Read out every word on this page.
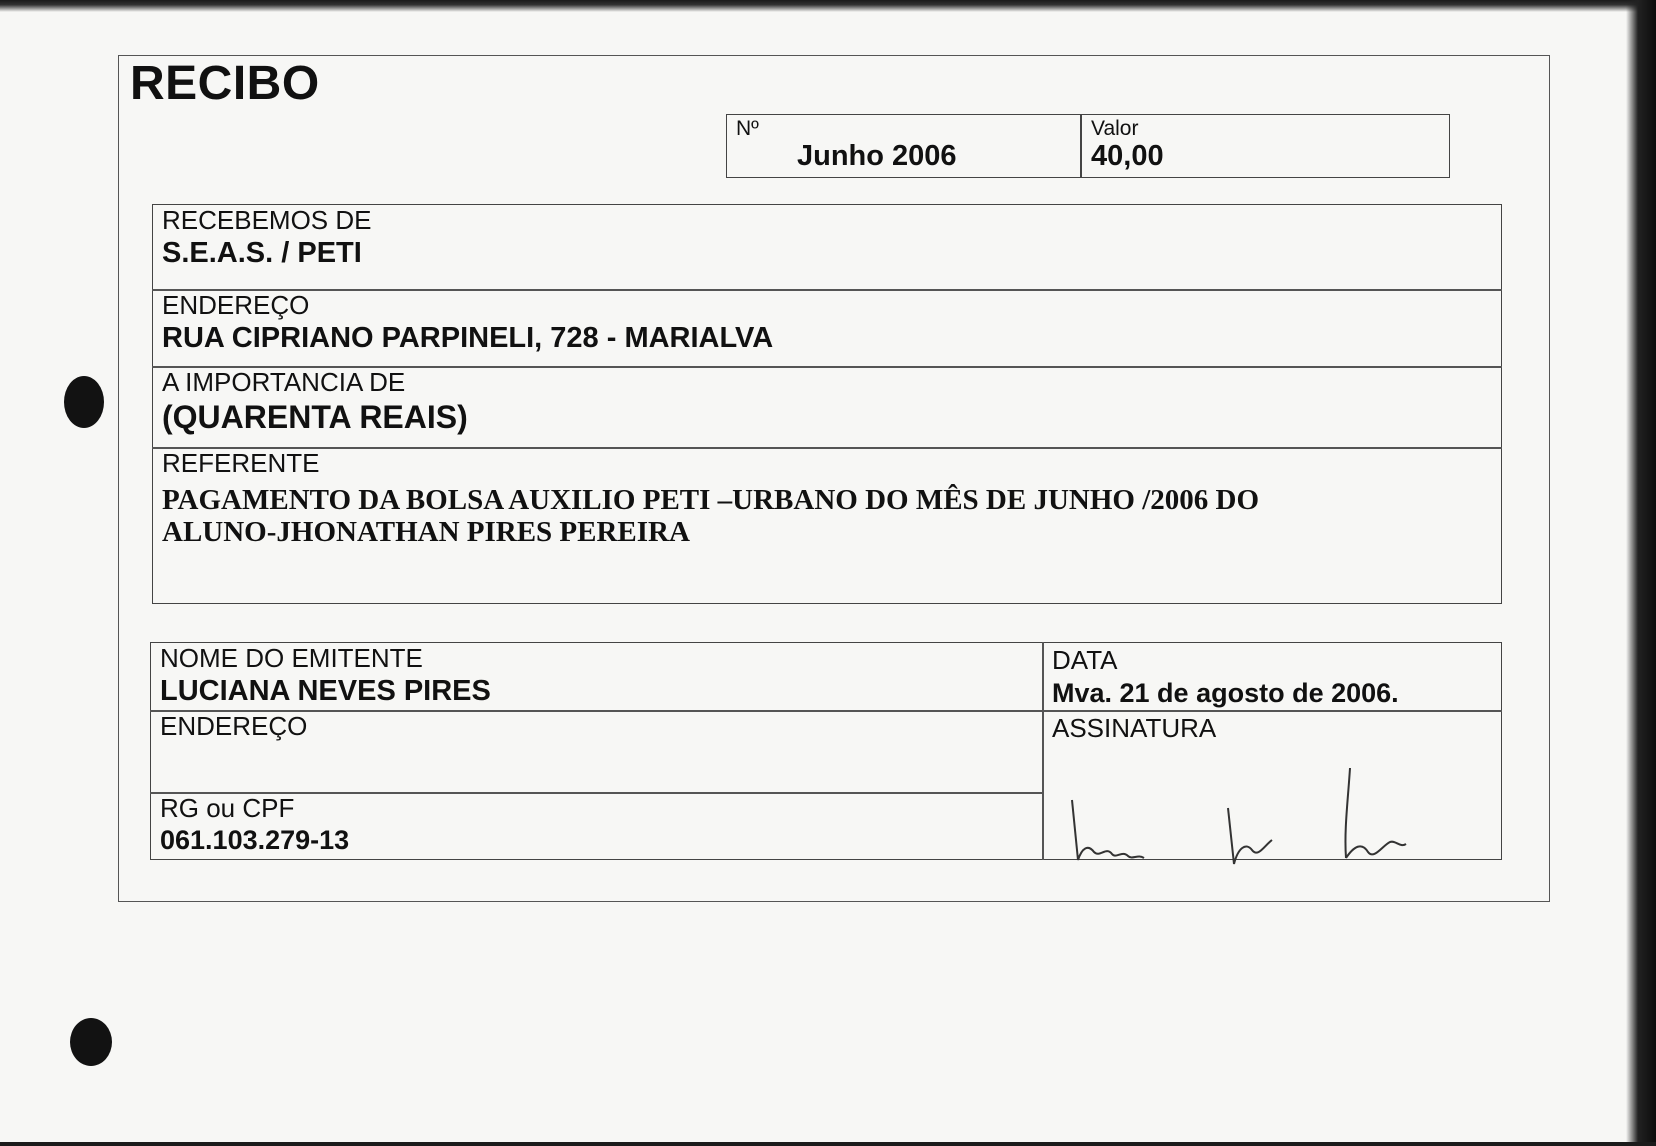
RECIBO
Nº
Junho 2006
Valor
40,00
RECEBEMOS DE
S.E.A.S. / PETI
ENDEREÇO
RUA CIPRIANO PARPINELI, 728 - MARIALVA
A IMPORTANCIA DE
(QUARENTA REAIS)
REFERENTE
PAGAMENTO DA BOLSA AUXILIO PETI –URBANO DO MÊS DE JUNHO /2006 DO
ALUNO-JHONATHAN PIRES PEREIRA
NOME DO EMITENTE
LUCIANA NEVES PIRES
DATA
Mva. 21 de agosto de 2006.
ENDEREÇO	ASSINATURA
RG ou CPF
061.103.279-13
